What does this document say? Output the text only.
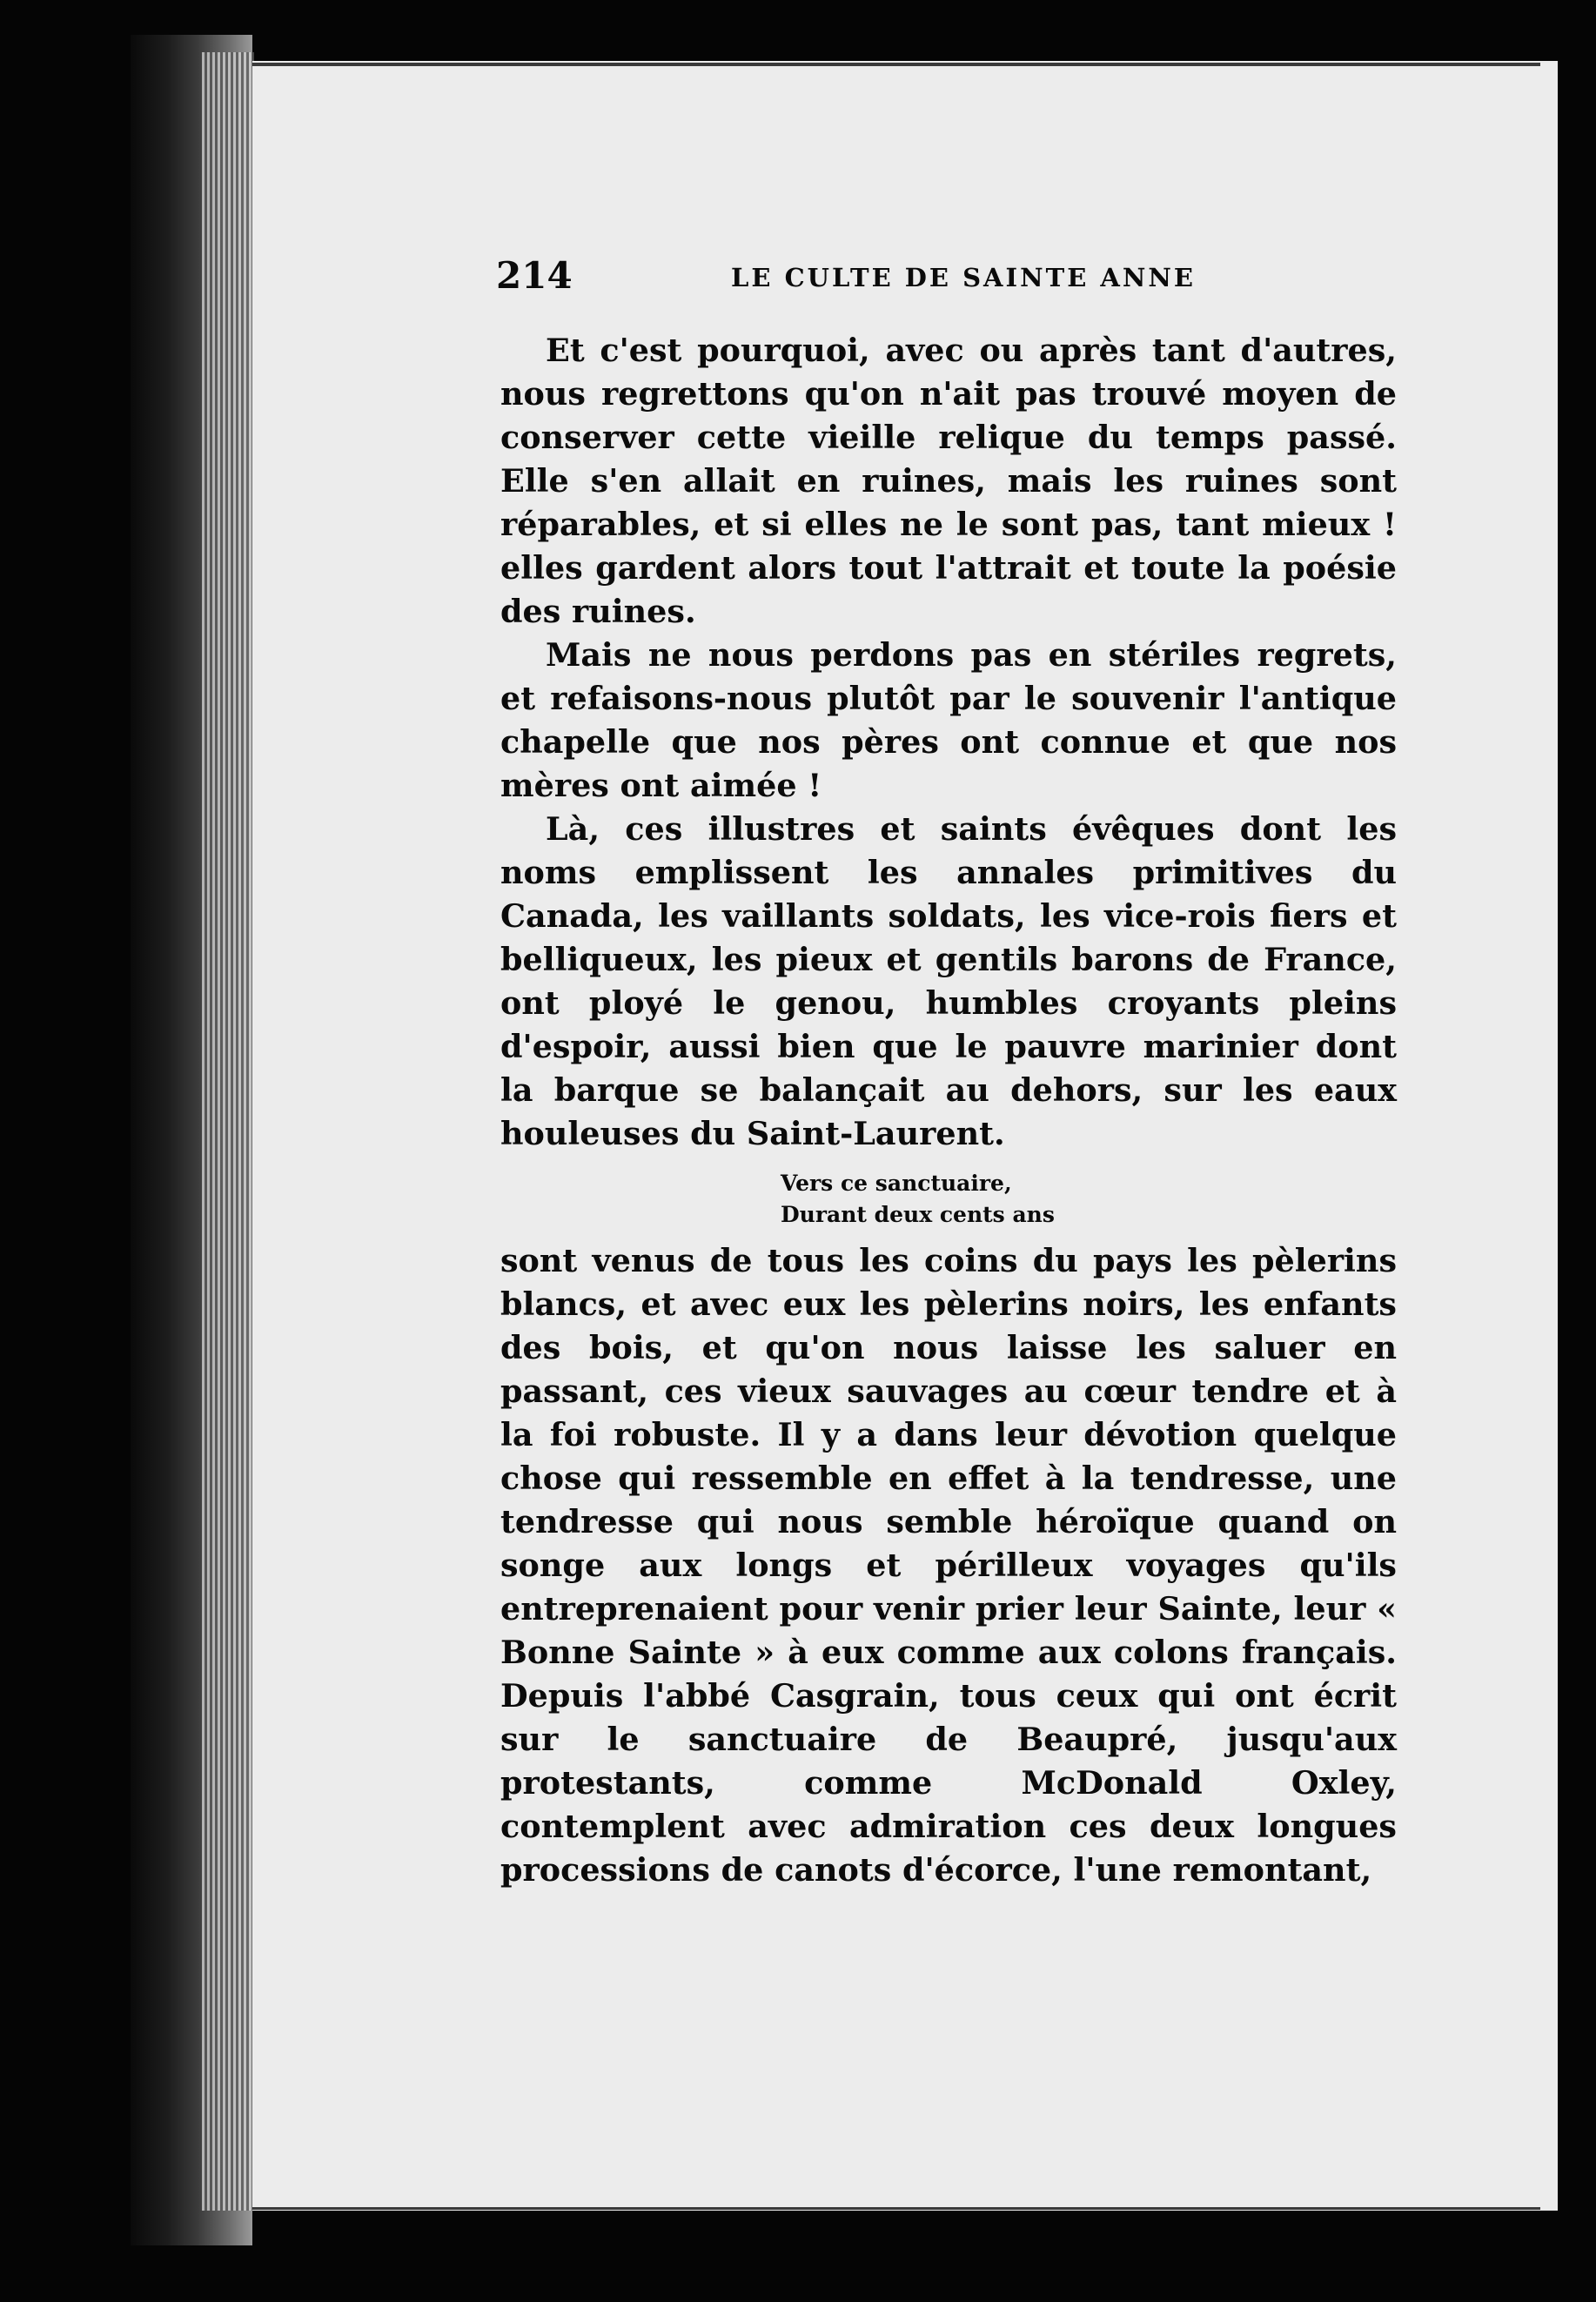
214	LE CULTE DE SAINTE ANNE

Et c'est pourquoi, avec ou après tant d'autres, nous regrettons qu'on n'ait pas trouvé moyen de conserver cette vieille relique du temps passé. Elle s'en allait en ruines, mais les ruines sont réparables, et si elles ne le sont pas, tant mieux ! elles gardent alors tout l'attrait et toute la poésie des ruines.

Mais ne nous perdons pas en stériles regrets, et refaisons-nous plutôt par le souvenir l'antique chapelle que nos pères ont connue et que nos mères ont aimée !

Là, ces illustres et saints évêques dont les noms emplissent les annales primitives du Canada, les vaillants soldats, les vice-rois fiers et belliqueux, les pieux et gentils barons de France, ont ployé le genou, humbles croyants pleins d'espoir, aussi bien que le pauvre marinier dont la barque se balançait au dehors, sur les eaux houleuses du Saint-Laurent.

Vers ce sanctuaire,
Durant deux cents ans

sont venus de tous les coins du pays les pèlerins blancs, et avec eux les pèlerins noirs, les enfants des bois, et qu'on nous laisse les saluer en passant, ces vieux sauvages au cœur tendre et à la foi robuste. Il y a dans leur dévotion quelque chose qui ressemble en effet à la tendresse, une tendresse qui nous semble héroïque quand on songe aux longs et périlleux voyages qu'ils entreprenaient pour venir prier leur Sainte, leur « Bonne Sainte » à eux comme aux colons français. Depuis l'abbé Casgrain, tous ceux qui ont écrit sur le sanctuaire de Beaupré, jusqu'aux protestants, comme McDonald Oxley, contemplent avec admiration ces deux longues processions de canots d'écorce, l'une remontant,
